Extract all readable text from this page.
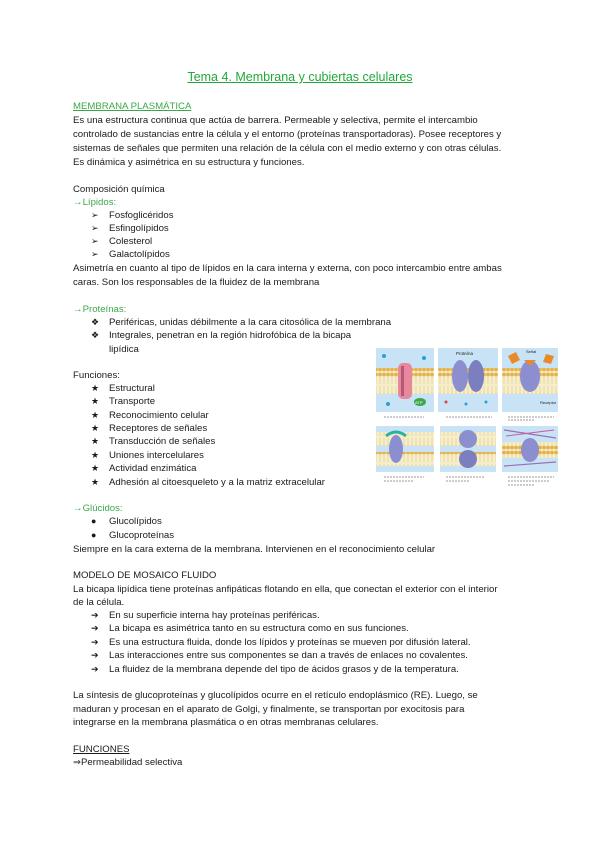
Tema 4. Membrana y cubiertas celulares
MEMBRANA PLASMÁTICA
Es una estructura continua que actúa de barrera. Permeable y selectiva, permite el intercambio
controlado de sustancias entre la célula y el entorno (proteínas transportadoras). Posee receptores y
sistemas de señales que permiten una relación de la célula con el medio externo y con otras células.
Es dinámica y asimétrica en su estructura y funciones.
Composición química
→Lípidos:
➢ Fosfoglicéridos
➢ Esfingolípidos
➢ Colesterol
➢ Galactolípidos
Asimetría en cuanto al tipo de lípidos en la cara interna y externa, con poco intercambio entre ambas
caras. Son los responsables de la fluidez de la membrana
→Proteínas:
❖ Periféricas, unidas débilmente a la cara citosólica de la membrana
❖ Integrales, penetran en la región hidrofóbica de la bicapa
lipídica
Funciones:
★ Estructural
★ Transporte
★ Reconocimiento celular
★ Receptores de señales
★ Transducción de señales
★ Uniones intercelulares
★ Actividad enzimática
★ Adhesión al citoesqueleto y a la matriz extracelular
→Glúcidos:
● Glucolípidos
● Glucoproteínas
Siempre en la cara externa de la membrana. Intervienen en el reconocimiento celular
MODELO DE MOSAICO FLUIDO
La bicapa lipídica tiene proteínas anfipáticas flotando en ella, que conectan el exterior con el interior
de la célula.
➔ En su superficie interna hay proteínas periféricas.
➔ La bicapa es asimétrica tanto en su estructura como en sus funciones.
➔ Es una estructura fluida, donde los lípidos y proteínas se mueven por difusión lateral.
➔ Las interacciones entre sus componentes se dan a través de enlaces no covalentes.
➔ La fluidez de la membrana depende del tipo de ácidos grasos y de la temperatura.
La síntesis de glucoproteínas y glucolípidos ocurre en el retículo endoplásmico (RE). Luego, se
maduran y procesan en el aparato de Golgi, y finalmente, se transportan por exocitosis para
integrarse en la membrana plasmática o en otras membranas celulares.
FUNCIONES
⇒Permeabilidad selectiva
ATP
Proteína	Señal
Receptor
